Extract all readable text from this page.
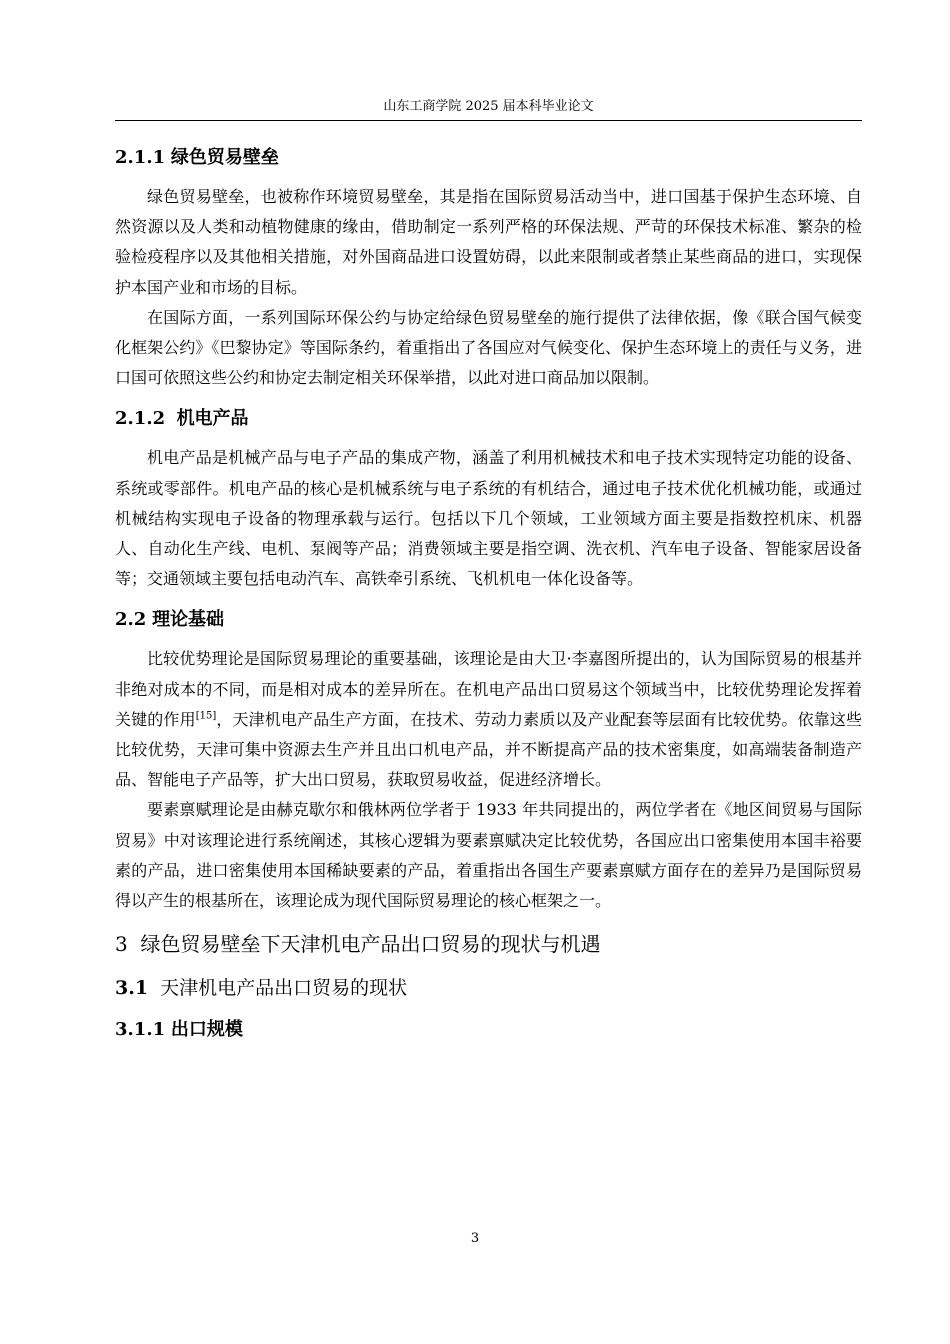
山东工商学院 2025 届本科毕业论文
2.1.1 绿色贸易壁垒

绿色贸易壁垒，也被称作环境贸易壁垒，其是指在国际贸易活动当中，进口国基于保护生态环境、自然资源以及人类和动植物健康的缘由，借助制定一系列严格的环保法规、严苛的环保技术标准、繁杂的检验检疫程序以及其他相关措施，对外国商品进口设置妨碍，以此来限制或者禁止某些商品的进口，实现保护本国产业和市场的目标。

在国际方面，一系列国际环保公约与协定给绿色贸易壁垒的施行提供了法律依据，像《联合国气候变化框架公约》《巴黎协定》等国际条约，着重指出了各国应对气候变化、保护生态环境上的责任与义务，进口国可依照这些公约和协定去制定相关环保举措，以此对进口商品加以限制。

2.1.2 机电产品

机电产品是机械产品与电子产品的集成产物，涵盖了利用机械技术和电子技术实现特定功能的设备、系统或零部件。机电产品的核心是机械系统与电子系统的有机结合，通过电子技术优化机械功能，或通过机械结构实现电子设备的物理承载与运行。包括以下几个领域，工业领域方面主要是指数控机床、机器人、自动化生产线、电机、泵阀等产品；消费领域主要是指空调、洗衣机、汽车电子设备、智能家居设备等；交通领域主要包括电动汽车、高铁牵引系统、飞机机电一体化设备等。

2.2 理论基础

比较优势理论是国际贸易理论的重要基础，该理论是由大卫·李嘉图所提出的，认为国际贸易的根基并非绝对成本的不同，而是相对成本的差异所在。在机电产品出口贸易这个领域当中，比较优势理论发挥着关键的作用[15]，天津机电产品生产方面，在技术、劳动力素质以及产业配套等层面有比较优势。依靠这些比较优势，天津可集中资源去生产并且出口机电产品，并不断提高产品的技术密集度，如高端装备制造产品、智能电子产品等，扩大出口贸易，获取贸易收益，促进经济增长。

要素禀赋理论是由赫克歇尔和俄林两位学者于 1933 年共同提出的，两位学者在《地区间贸易与国际贸易》中对该理论进行系统阐述，其核心逻辑为要素禀赋决定比较优势，各国应出口密集使用本国丰裕要素的产品，进口密集使用本国稀缺要素的产品，着重指出各国生产要素禀赋方面存在的差异乃是国际贸易得以产生的根基所在，该理论成为现代国际贸易理论的核心框架之一。

3 绿色贸易壁垒下天津机电产品出口贸易的现状与机遇
3.1 天津机电产品出口贸易的现状
3.1.1 出口规模
3
